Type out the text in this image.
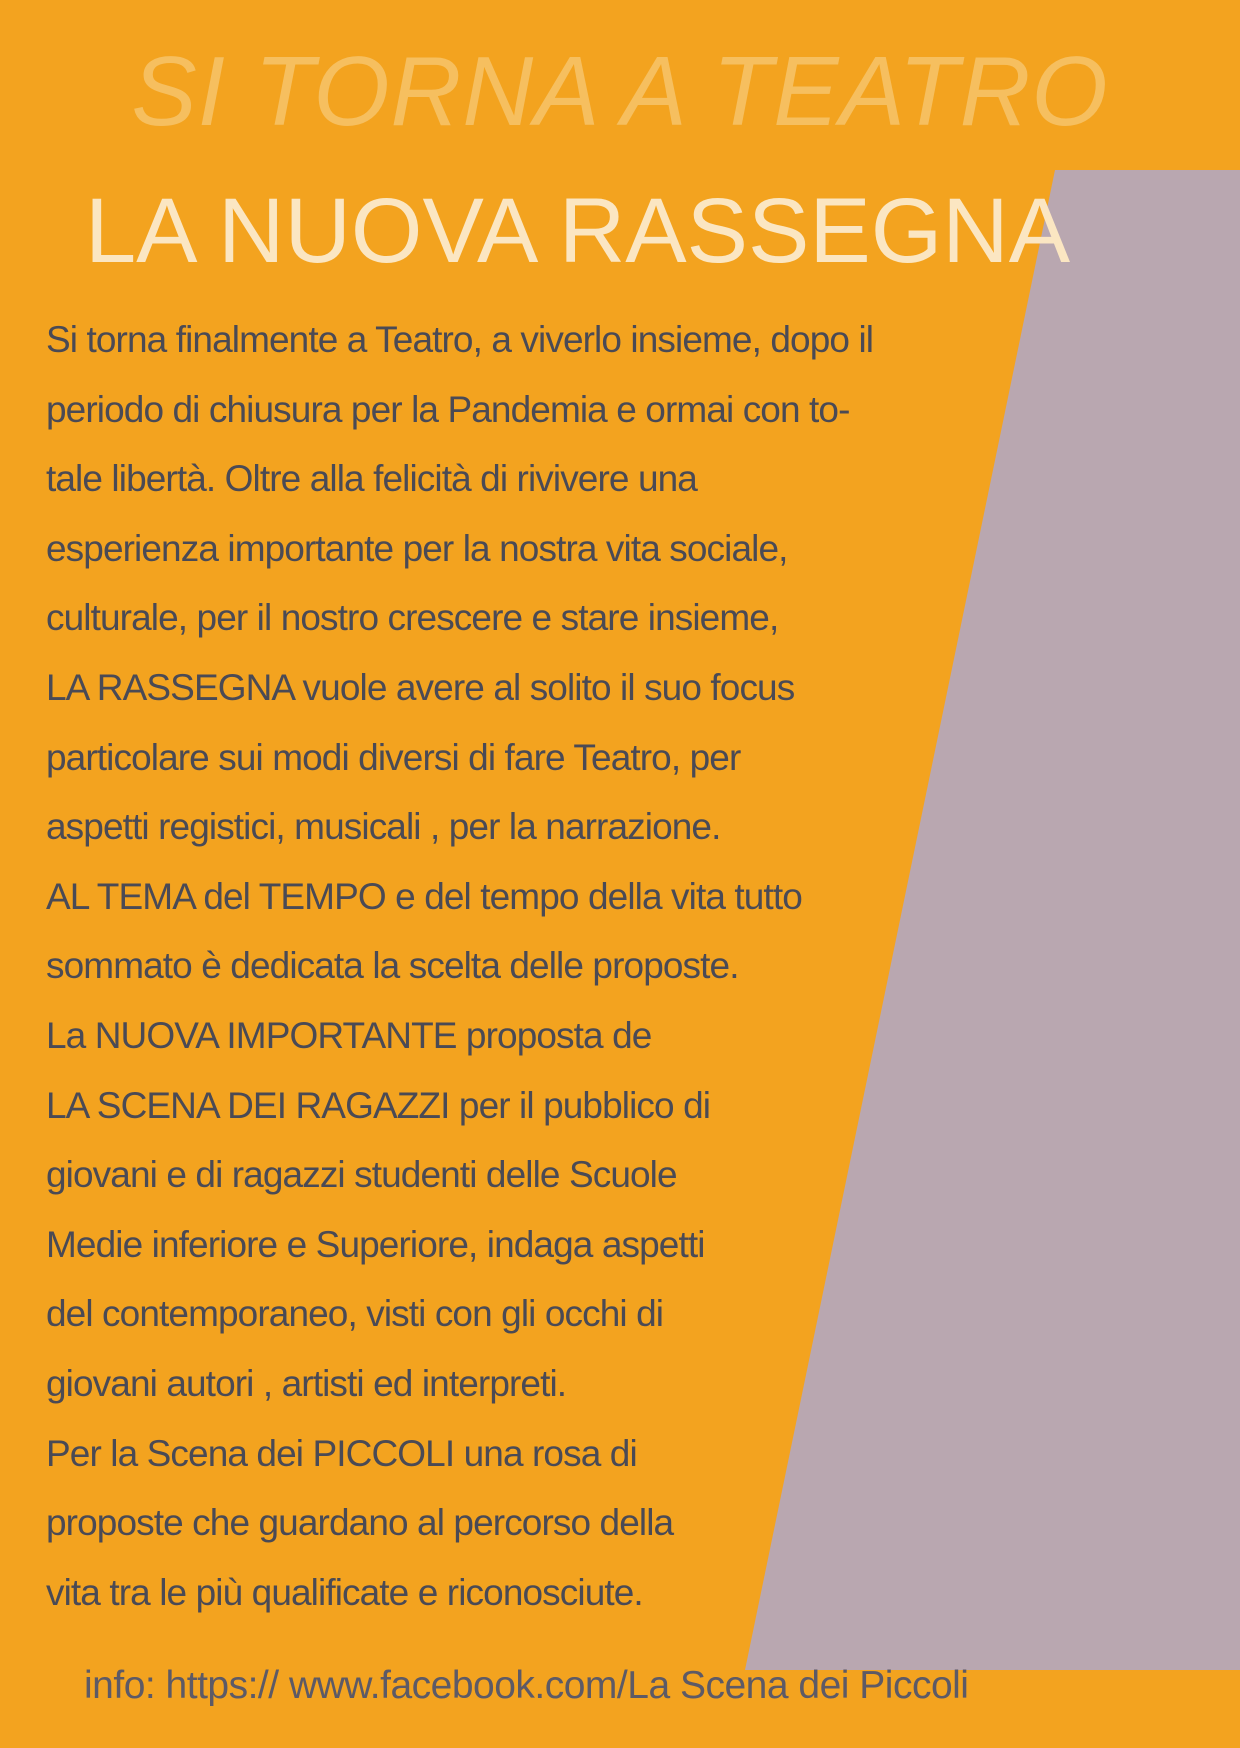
SI TORNA A TEATRO
LA NUOVA RASSEGNA
Si torna finalmente a Teatro, a viverlo insieme, dopo il
periodo di chiusura per la Pandemia e ormai con to-
tale libertà. Oltre alla felicità di rivivere una
esperienza importante per la nostra vita sociale,
culturale, per il nostro crescere e stare insieme,
LA RASSEGNA vuole avere al solito il suo focus
particolare sui modi diversi di fare Teatro, per
aspetti registici, musicali , per la narrazione.
AL TEMA del TEMPO e del tempo della vita tutto
sommato è dedicata la scelta delle proposte.
La NUOVA IMPORTANTE proposta de
LA SCENA DEI RAGAZZI per il pubblico di
giovani e di ragazzi studenti delle Scuole
Medie inferiore e Superiore, indaga aspetti
del contemporaneo, visti con gli occhi di
giovani autori , artisti ed interpreti.
Per la Scena dei PICCOLI una rosa di
proposte che guardano al percorso della
vita tra le più qualificate e riconosciute.
info: https:// www.facebook.com/La Scena dei Piccoli
